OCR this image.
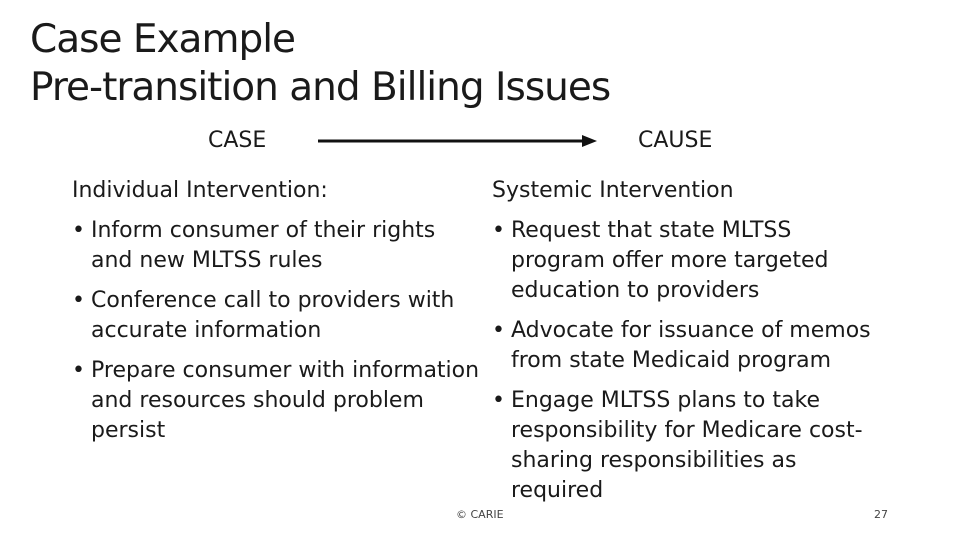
Case Example
Pre-transition and Billing Issues
CASE	CAUSE
Individual Intervention:
• Inform consumer of their rights and new MLTSS rules
• Conference call to providers with accurate information
• Prepare consumer with information and resources should problem persist
Systemic Intervention
• Request that state MLTSS program offer more targeted education to providers
• Advocate for issuance of memos from state Medicaid program
• Engage MLTSS plans to take responsibility for Medicare cost-sharing responsibilities as required
© CARIE	27
